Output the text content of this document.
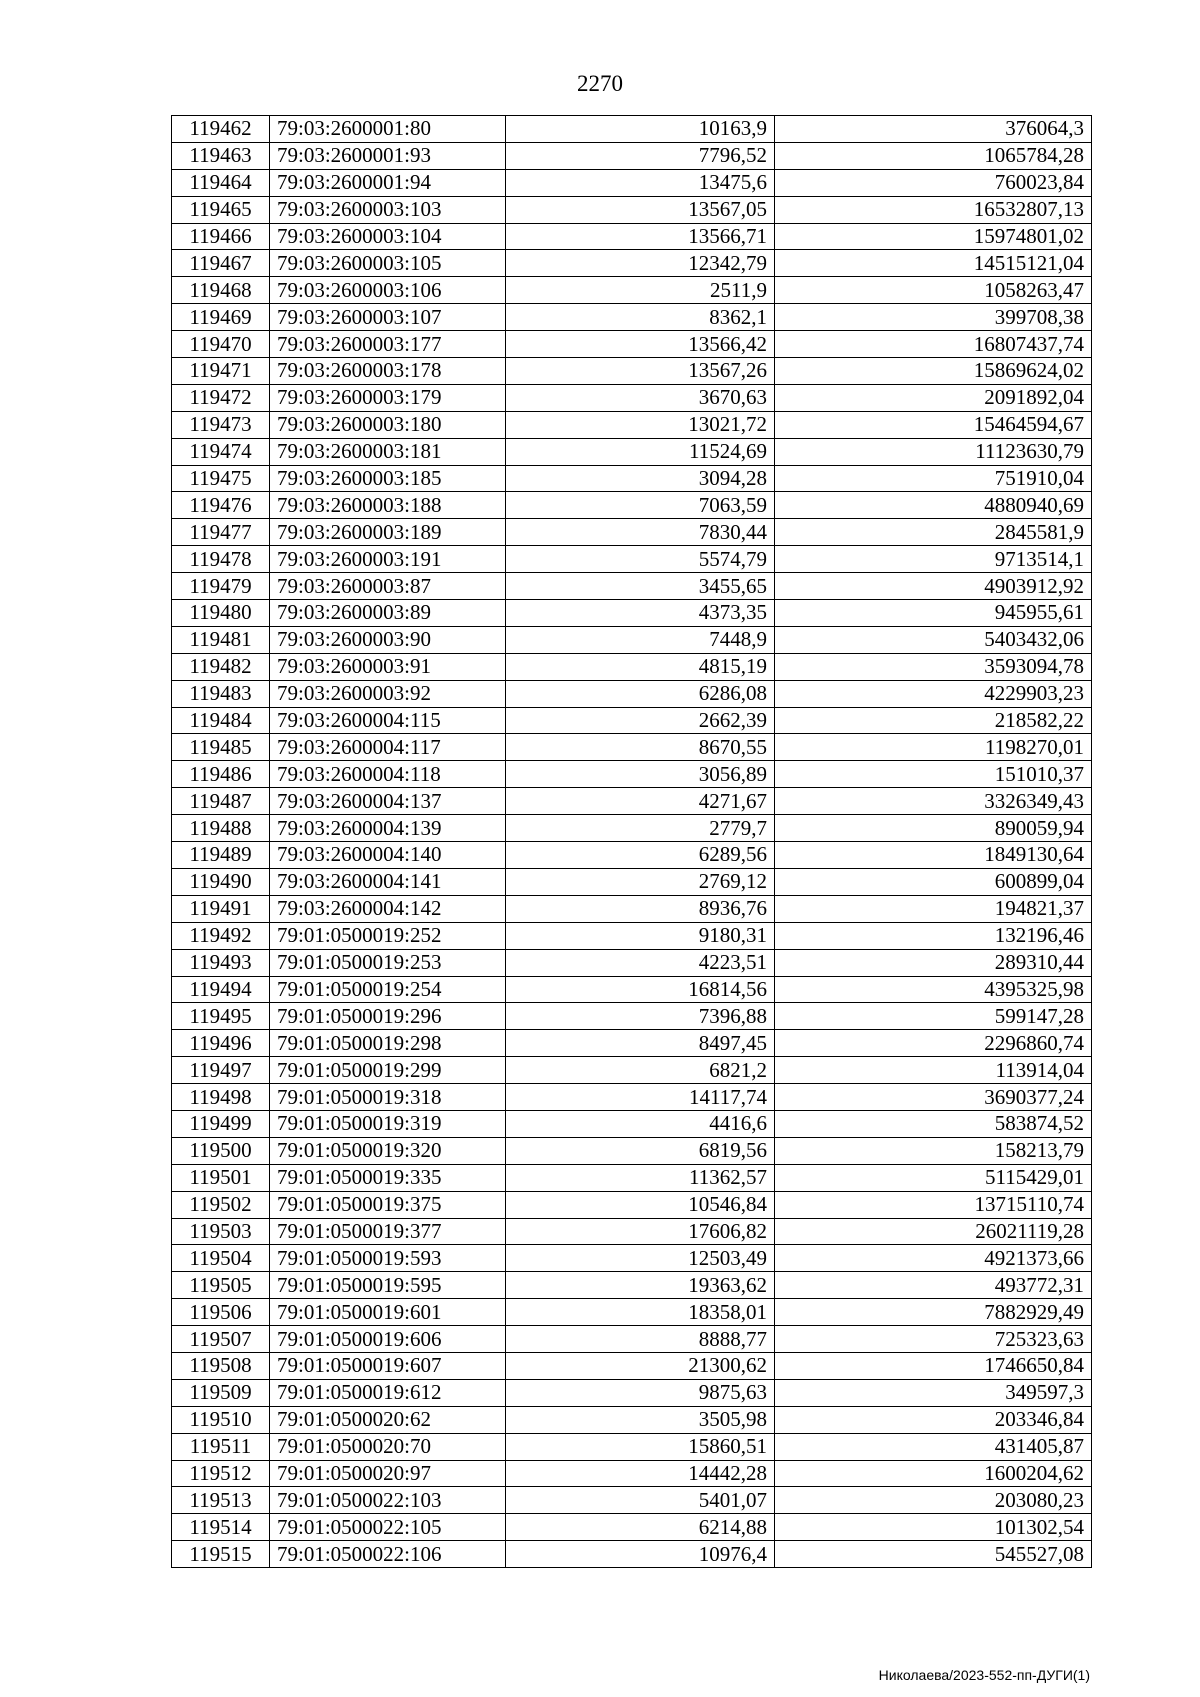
2270
119462	79:03:2600001:80	10163,9	376064,3
119463	79:03:2600001:93	7796,52	1065784,28
119464	79:03:2600001:94	13475,6	760023,84
119465	79:03:2600003:103	13567,05	16532807,13
119466	79:03:2600003:104	13566,71	15974801,02
119467	79:03:2600003:105	12342,79	14515121,04
119468	79:03:2600003:106	2511,9	1058263,47
119469	79:03:2600003:107	8362,1	399708,38
119470	79:03:2600003:177	13566,42	16807437,74
119471	79:03:2600003:178	13567,26	15869624,02
119472	79:03:2600003:179	3670,63	2091892,04
119473	79:03:2600003:180	13021,72	15464594,67
119474	79:03:2600003:181	11524,69	11123630,79
119475	79:03:2600003:185	3094,28	751910,04
119476	79:03:2600003:188	7063,59	4880940,69
119477	79:03:2600003:189	7830,44	2845581,9
119478	79:03:2600003:191	5574,79	9713514,1
119479	79:03:2600003:87	3455,65	4903912,92
119480	79:03:2600003:89	4373,35	945955,61
119481	79:03:2600003:90	7448,9	5403432,06
119482	79:03:2600003:91	4815,19	3593094,78
119483	79:03:2600003:92	6286,08	4229903,23
119484	79:03:2600004:115	2662,39	218582,22
119485	79:03:2600004:117	8670,55	1198270,01
119486	79:03:2600004:118	3056,89	151010,37
119487	79:03:2600004:137	4271,67	3326349,43
119488	79:03:2600004:139	2779,7	890059,94
119489	79:03:2600004:140	6289,56	1849130,64
119490	79:03:2600004:141	2769,12	600899,04
119491	79:03:2600004:142	8936,76	194821,37
119492	79:01:0500019:252	9180,31	132196,46
119493	79:01:0500019:253	4223,51	289310,44
119494	79:01:0500019:254	16814,56	4395325,98
119495	79:01:0500019:296	7396,88	599147,28
119496	79:01:0500019:298	8497,45	2296860,74
119497	79:01:0500019:299	6821,2	113914,04
119498	79:01:0500019:318	14117,74	3690377,24
119499	79:01:0500019:319	4416,6	583874,52
119500	79:01:0500019:320	6819,56	158213,79
119501	79:01:0500019:335	11362,57	5115429,01
119502	79:01:0500019:375	10546,84	13715110,74
119503	79:01:0500019:377	17606,82	26021119,28
119504	79:01:0500019:593	12503,49	4921373,66
119505	79:01:0500019:595	19363,62	493772,31
119506	79:01:0500019:601	18358,01	7882929,49
119507	79:01:0500019:606	8888,77	725323,63
119508	79:01:0500019:607	21300,62	1746650,84
119509	79:01:0500019:612	9875,63	349597,3
119510	79:01:0500020:62	3505,98	203346,84
119511	79:01:0500020:70	15860,51	431405,87
119512	79:01:0500020:97	14442,28	1600204,62
119513	79:01:0500022:103	5401,07	203080,23
119514	79:01:0500022:105	6214,88	101302,54
119515	79:01:0500022:106	10976,4	545527,08
Николаева/2023-552-пп-ДУГИ(1)
